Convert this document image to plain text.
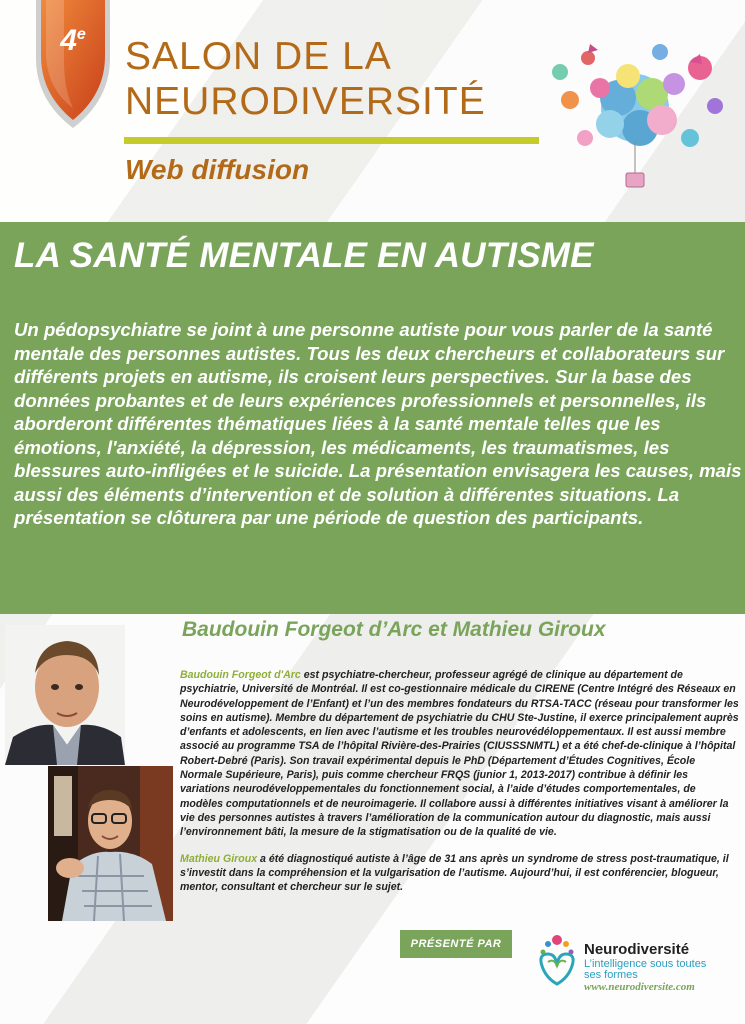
4e
SALON DE LA
NEURODIVERSITÉ
Web diffusion
LA SANTÉ MENTALE EN AUTISME
Un pédopsychiatre se joint à une personne autiste pour vous parler de la santé mentale des personnes autistes. Tous les deux chercheurs et collaborateurs sur différents projets en autisme, ils croisent leurs perspectives. Sur la base des données probantes et de leurs expériences professionnels et personnelles, ils aborderont différentes thématiques liées à la santé mentale telles que les émotions, l'anxiété, la dépression, les médicaments, les traumatismes, les blessures auto-infligées et le suicide. La présentation envisagera les causes, mais aussi des éléments d’intervention et de solution à différentes situations. La présentation se clôturera par une période de question des participants.
Baudouin Forgeot d’Arc et Mathieu Giroux

Baudouin Forgeot d'Arc est psychiatre-chercheur, professeur agrégé de clinique au département de psychiatrie, Université de Montréal. Il est co-gestionnaire médicale du CIRENE (Centre Intégré des Réseaux en Neurodéveloppement de l’Enfant) et l’un des membres fondateurs du RTSA-TACC (réseau pour transformer les soins en autisme). Membre du département de psychiatrie du CHU Ste-Justine, il exerce principalement auprès d’enfants et adolescents, en lien avec l’autisme et les troubles neurovédéloppementaux. Il est aussi membre associé au programme TSA de l’hôpital Rivière-des-Prairies (CIUSSSNMTL) et a été chef-de-clinique à l’hôpital Robert-Debré (Paris). Son travail expérimental depuis le PhD (Département d’Études Cognitives, École Normale Supérieure, Paris), puis comme chercheur FRQS (junior 1, 2013-2017) contribue à définir les variations neurodéveloppementales du fonctionnement social, à l’aide d’études comportementales, de modèles computationnels et de neuroimagerie. Il collabore aussi à différentes initiatives visant à améliorer la vie des personnes autistes à travers l’amélioration de la communication autour du diagnostic, mais aussi l’environnement bâti, la mesure de la stigmatisation ou de la qualité de vie.

Mathieu Giroux a été diagnostiqué autiste à l’âge de 31 ans après un syndrome de stress post-traumatique, il s’investit dans la compréhension et la vulgarisation de l’autisme. Aujourd’hui, il est conférencier, blogueur, mentor, consultant et chercheur sur le sujet.

PRÉSENTÉ PAR	Neurodiversité
L’intelligence sous toutes ses formes
www.neurodiversite.com
